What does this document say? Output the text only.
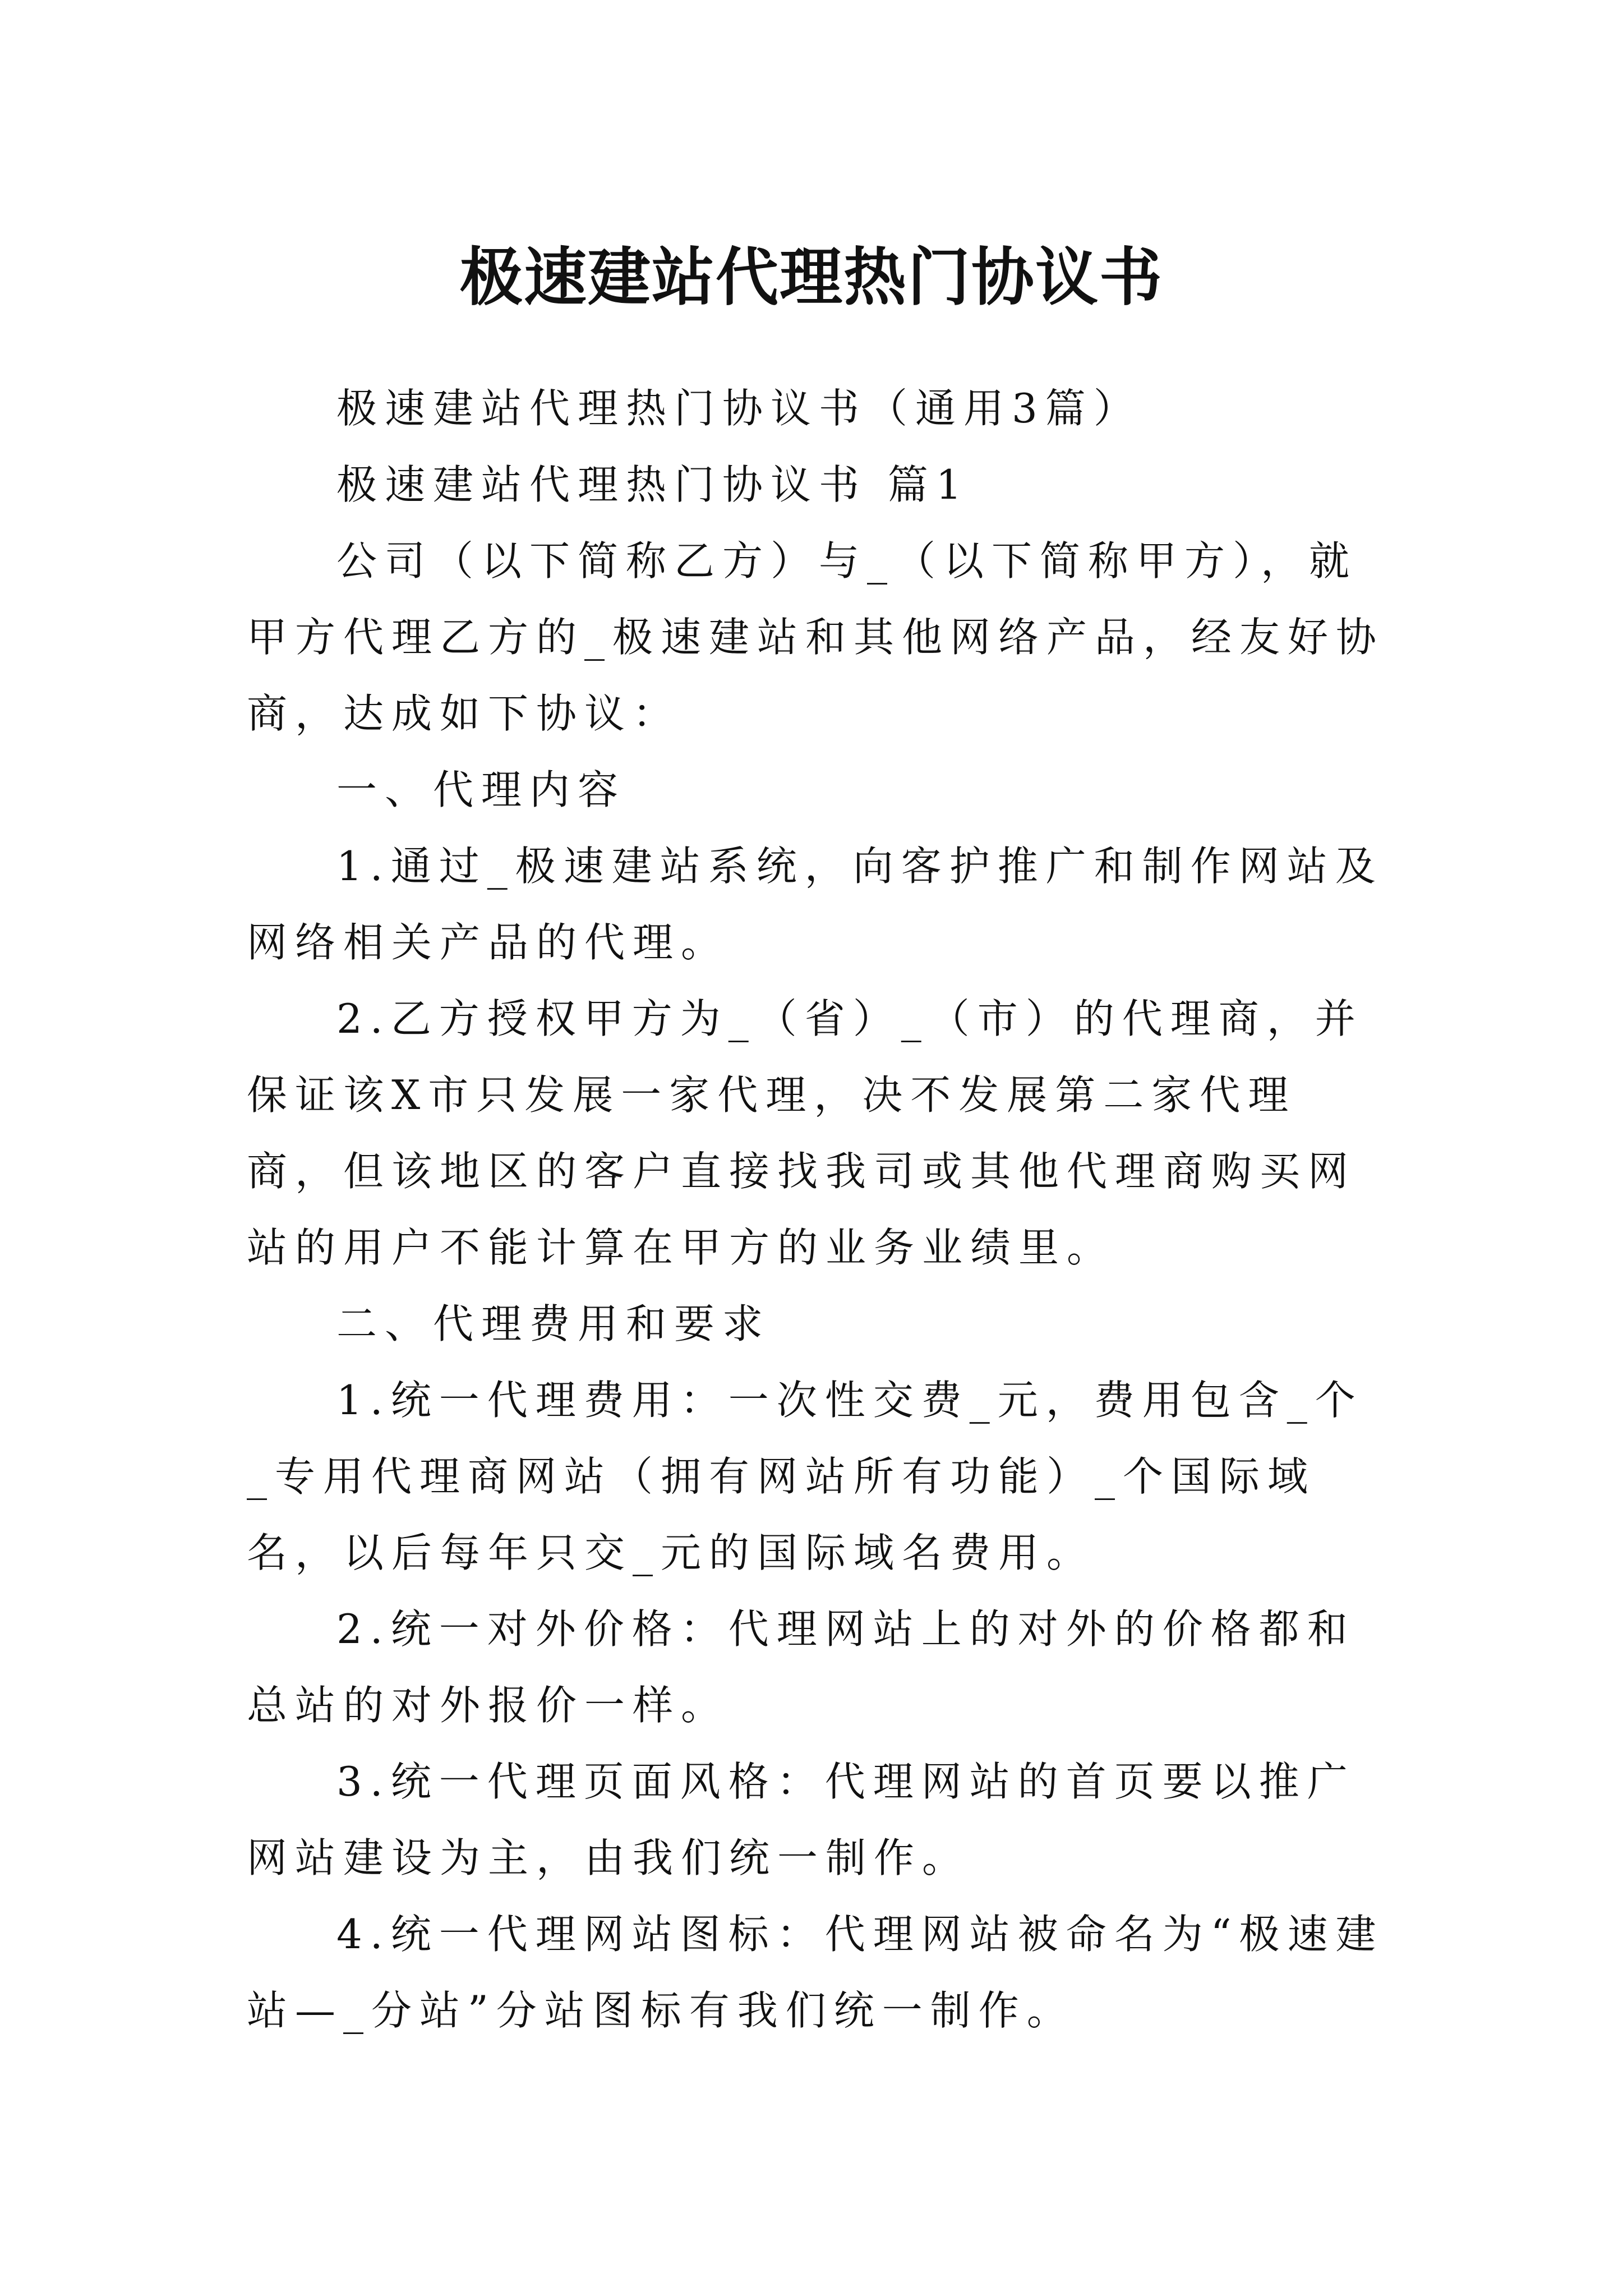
极速建站代理热门协议书

极速建站代理热门协议书（通用3篇）

极速建站代理热门协议书 篇1

公司（以下简称乙方）与_（以下简称甲方），就甲方代理乙方的_极速建站和其他网络产品，经友好协商，达成如下协议：

一、代理内容

1.通过_极速建站系统，向客护推广和制作网站及网络相关产品的代理。

2.乙方授权甲方为_（省）_（市）的代理商，并保证该X市只发展一家代理，决不发展第二家代理商，但该地区的客户直接找我司或其他代理商购买网站的用户不能计算在甲方的业务业绩里。

二、代理费用和要求

1.统一代理费用：一次性交费_元，费用包含_个_专用代理商网站（拥有网站所有功能）_个国际域名，以后每年只交_元的国际域名费用。

2.统一对外价格：代理网站上的对外的价格都和总站的对外报价一样。

3.统一代理页面风格：代理网站的首页要以推广网站建设为主，由我们统一制作。

4.统一代理网站图标：代理网站被命名为“极速建站—_分站”分站图标有我们统一制作。
